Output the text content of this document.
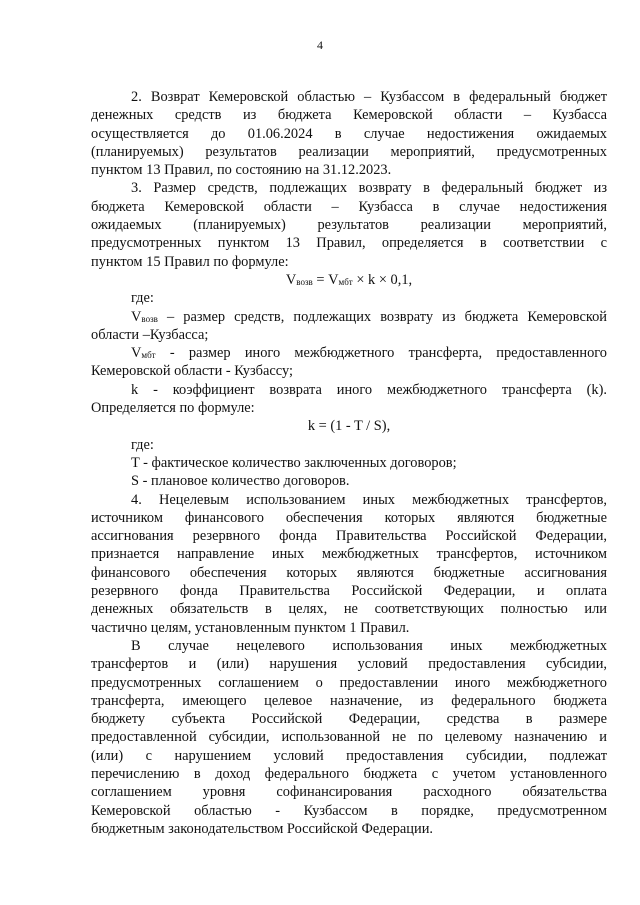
4
2. Возврат Кемеровской областью – Кузбассом в федеральный бюджет
денежных средств из бюджета Кемеровской области – Кузбасса
осуществляется до 01.06.2024 в случае недостижения ожидаемых
(планируемых) результатов реализации мероприятий, предусмотренных
пунктом 13 Правил, по состоянию на 31.12.2023.
3. Размер средств, подлежащих возврату в федеральный бюджет из
бюджета Кемеровской области – Кузбасса в случае недостижения
ожидаемых (планируемых) результатов реализации мероприятий,
предусмотренных пунктом 13 Правил, определяется в соответствии с
пунктом 15 Правил по формуле:
$V_{возв} = V_{мбт} \times k \times 0,1$,
где:
$V_{возв}$ – размер средств, подлежащих возврату из бюджета Кемеровской
области –Кузбасса;
$V_{мбт}$ - размер иного межбюджетного трансферта, предоставленного
Кемеровской области - Кузбассу;
k - коэффициент возврата иного межбюджетного трансферта (k).
Определяется по формуле:
k = (1 - T / S),
где:
T - фактическое количество заключенных договоров;
S - плановое количество договоров.
4. Нецелевым использованием иных межбюджетных трансфертов,
источником финансового обеспечения которых являются бюджетные
ассигнования резервного фонда Правительства Российской Федерации,
признается направление иных межбюджетных трансфертов, источником
финансового обеспечения которых являются бюджетные ассигнования
резервного фонда Правительства Российской Федерации, и оплата
денежных обязательств в целях, не соответствующих полностью или
частично целям, установленным пунктом 1 Правил.
В случае нецелевого использования иных межбюджетных
трансфертов и (или) нарушения условий предоставления субсидии,
предусмотренных соглашением о предоставлении иного межбюджетного
трансферта, имеющего целевое назначение, из федерального бюджета
бюджету субъекта Российской Федерации, средства в размере
предоставленной субсидии, использованной не по целевому назначению и
(или) с нарушением условий предоставления субсидии, подлежат
перечислению в доход федерального бюджета с учетом установленного
соглашением уровня софинансирования расходного обязательства
Кемеровской областью - Кузбассом в порядке, предусмотренном
бюджетным законодательством Российской Федерации.
